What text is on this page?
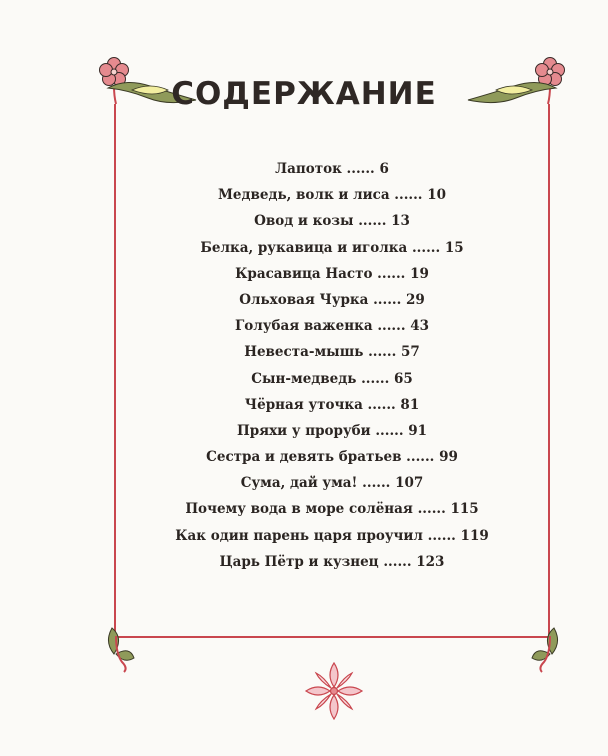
СОДЕРЖАНИЕ
Лапоток ...... 6
Медведь, волк и лиса ...... 10
Овод и козы ...... 13
Белка, рукавица и иголка ...... 15
Красавица Насто ...... 19
Ольховая Чурка ...... 29
Голубая важенка ...... 43
Невеста-мышь ...... 57
Сын-медведь ...... 65
Чёрная уточка ...... 81
Пряхи у проруби ...... 91
Сестра и девять братьев ...... 99
Сума, дай ума! ...... 107
Почему вода в море солёная ...... 115
Как один парень царя проучил ...... 119
Царь Пётр и кузнец ...... 123
